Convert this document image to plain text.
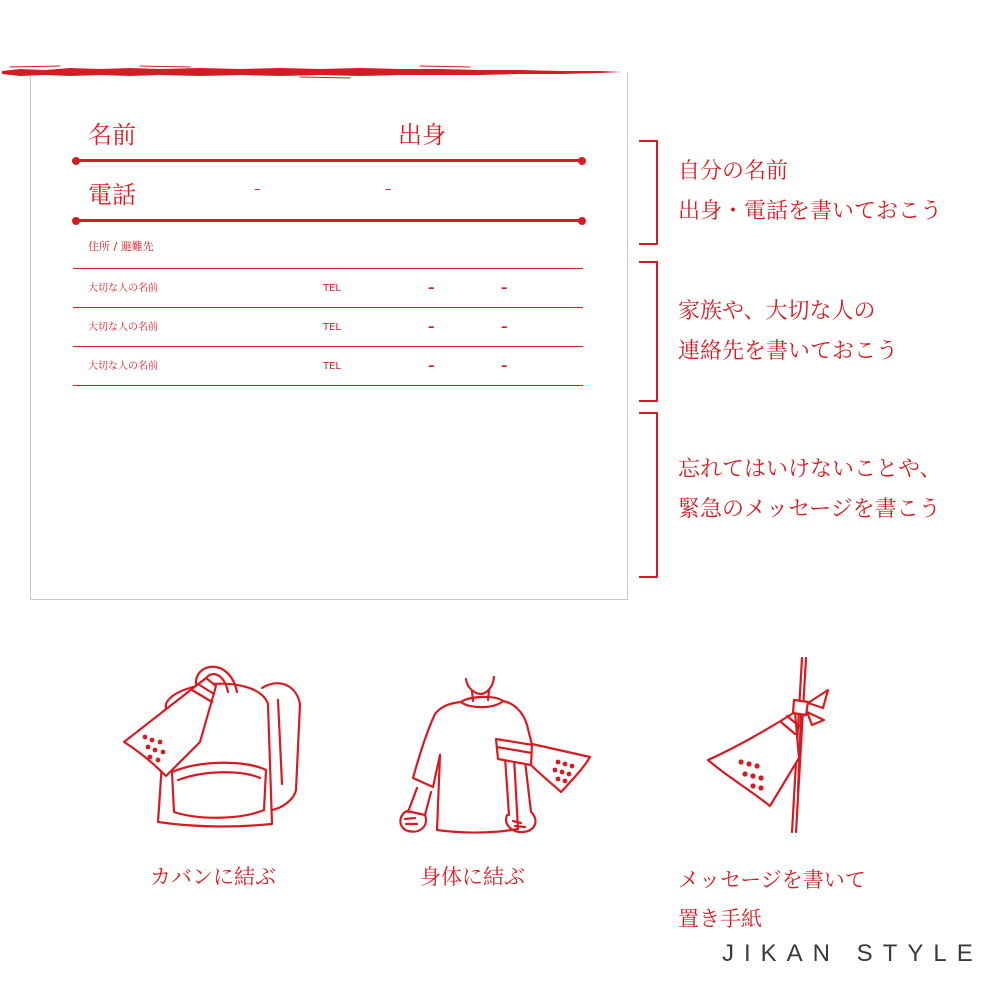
名前	出身
電話	–	–
住所 / 避難先
大切な人の名前	TEL	–	–
大切な人の名前	TEL	–	–
大切な人の名前	TEL	–	–
自分の名前
出身・電話を書いておこう
家族や、大切な人の
連絡先を書いておこう
忘れてはいけないことや、
緊急のメッセージを書こう
カバンに結ぶ	身体に結ぶ	メッセージを書いて
置き手紙
JIKAN STYLE
